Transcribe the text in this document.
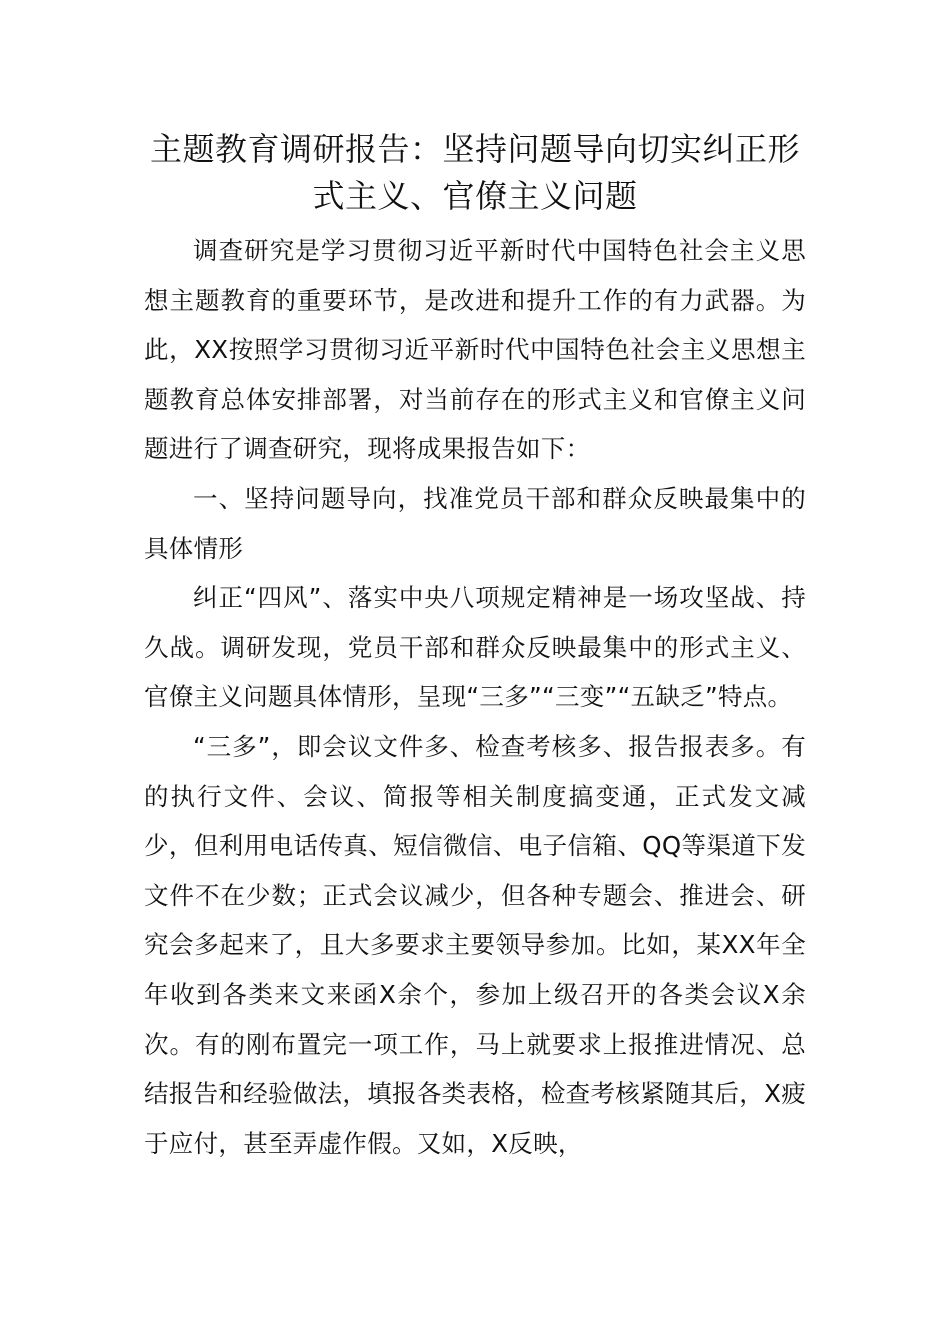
主题教育调研报告：坚持问题导向切实纠正形式主义、官僚主义问题

调查研究是学习贯彻习近平新时代中国特色社会主义思想主题教育的重要环节，是改进和提升工作的有力武器。为此，XX按照学习贯彻习近平新时代中国特色社会主义思想主题教育总体安排部署，对当前存在的形式主义和官僚主义问题进行了调查研究，现将成果报告如下：

一、坚持问题导向，找准党员干部和群众反映最集中的具体情形

纠正“四风”、落实中央八项规定精神是一场攻坚战、持久战。调研发现，党员干部和群众反映最集中的形式主义、官僚主义问题具体情形，呈现“三多”“三变”“五缺乏”特点。

“三多”，即会议文件多、检查考核多、报告报表多。有的执行文件、会议、简报等相关制度搞变通，正式发文减少，但利用电话传真、短信微信、电子信箱、QQ等渠道下发文件不在少数；正式会议减少，但各种专题会、推进会、研究会多起来了，且大多要求主要领导参加。比如，某XX年全年收到各类来文来函X余个，参加上级召开的各类会议X余次。有的刚布置完一项工作，马上就要求上报推进情况、总结报告和经验做法，填报各类表格，检查考核紧随其后，X疲于应付，甚至弄虚作假。又如，X反映，
